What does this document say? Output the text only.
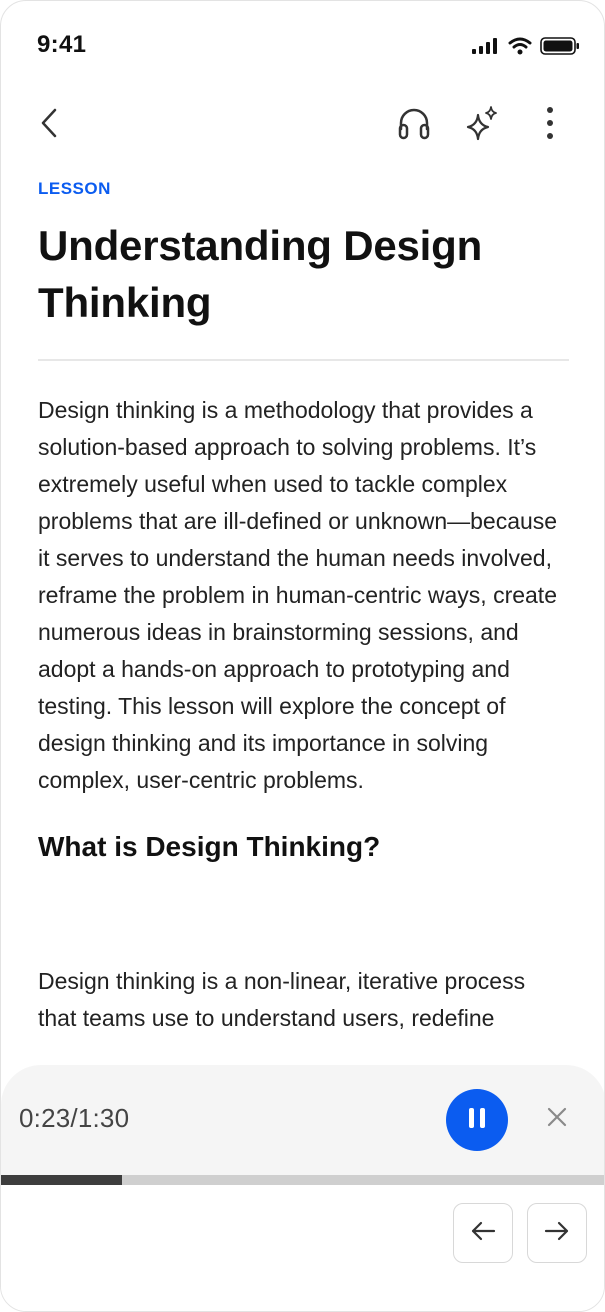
9:41
LESSON
Understanding Design Thinking

Design thinking is a methodology that provides a solution-based approach to solving problems. It’s extremely useful when used to tackle complex problems that are ill-defined or unknown—because it serves to understand the human needs involved, reframe the problem in human-centric ways, create numerous ideas in brainstorming sessions, and adopt a hands-on approach to prototyping and testing. This lesson will explore the concept of design thinking and its importance in solving complex, user-centric problems.

What is Design Thinking?

Design thinking is a non-linear, iterative process that teams use to understand users, redefine

0:23/1:30
